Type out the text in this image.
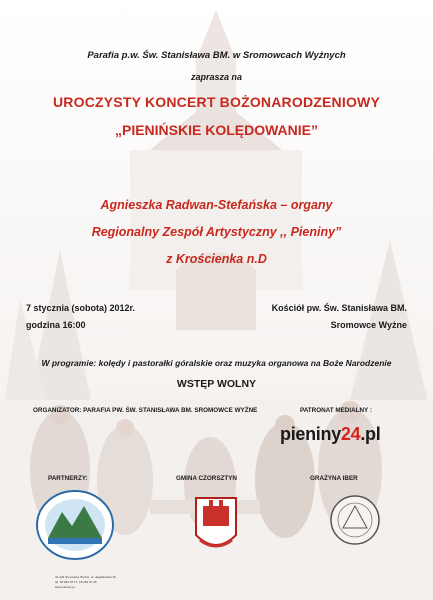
Parafia p.w. Św. Stanisława BM. w Sromowcach Wyżnych
zaprasza na
UROCZYSTY KONCERT BOŻONARODZENIOWY
„PIENIŃSKIE KOLĘDOWANIE”
Agnieszka Radwan-Stefańska – organy
Regionalny Zespół Artystyczny ,, Pieniny”
z Krościenka n.D
7 stycznia (sobota) 2012r.
godzina 16:00
Kościół pw. Św. Stanisława BM.
Sromowce Wyżne
W programie: kolędy i pastorałki góralskie oraz muzyka organowa na Boże Narodzenie
WSTĘP WOLNY
ORGANIZATOR: PARAFIA PW. ŚW. STANISŁAWA BM. SROMOWCE WYŻNE	PATRONAT MEDIALNY :
pieniny24.pl
PARTNERZY:	GMINA CZORSZTYN	GRAŻYNA IBER
34-443 Sromowce Wyżne, ul. Jagiellońska 16
tel. 18 262 97 17, 18 262 97 36
www.pieniny.pl
